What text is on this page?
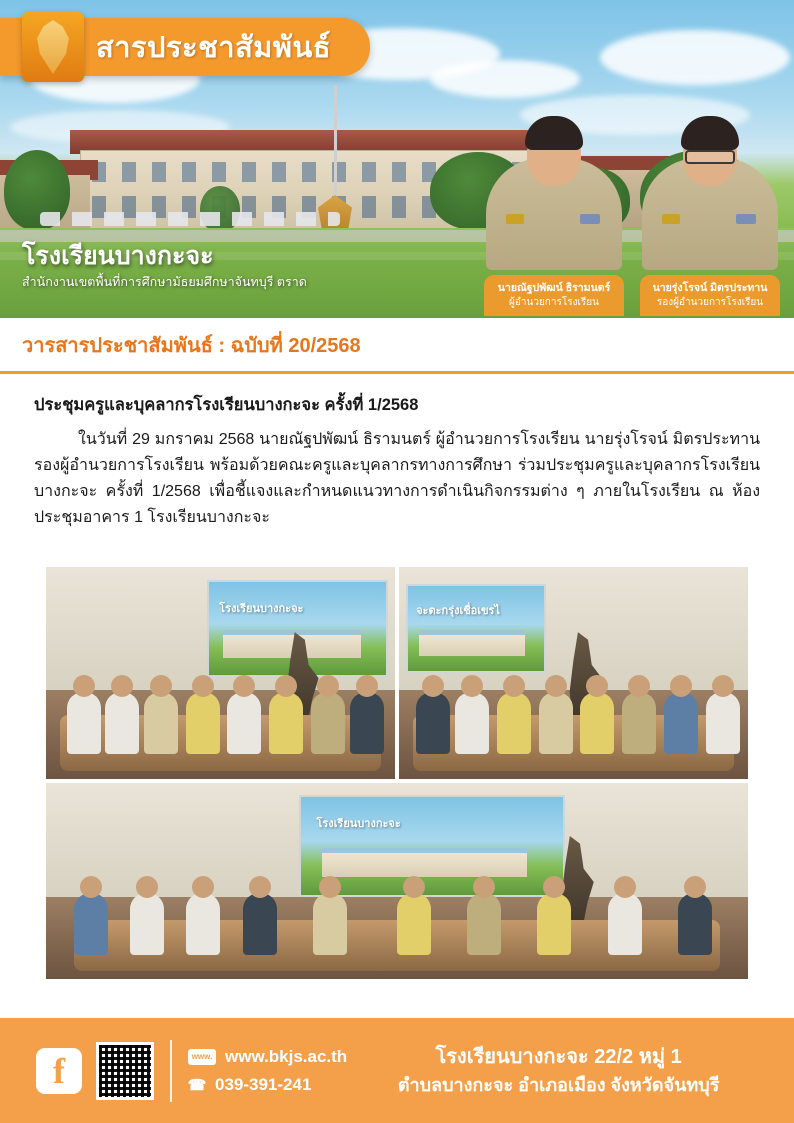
สารประชาสัมพันธ์
โรงเรียนบางกะจะ
สำนักงานเขตพื้นที่การศึกษามัธยมศึกษาจันทบุรี ตราด	นายณัฐปพัฒน์ ธิรามนตร์
ผู้อำนวยการโรงเรียน
นายรุ่งโรจน์ มิตรประทาน
รองผู้อำนวยการโรงเรียน
วารสารประชาสัมพันธ์ : ฉบับที่ 20/2568
ประชุมครูและบุคลากรโรงเรียนบางกะจะ ครั้งที่ 1/2568
ในวันที่ 29 มกราคม 2568 นายณัฐปพัฒน์ ธิรามนตร์ ผู้อำนวยการโรงเรียน นายรุ่งโรจน์ มิตรประทาน รองผู้อำนวยการโรงเรียน พร้อมด้วยคณะครูและบุคลากรทางการศึกษา ร่วมประชุมครูและบุคลากรโรงเรียนบางกะจะ ครั้งที่ 1/2568 เพื่อชี้แจงและกำหนดแนวทางการดำเนินกิจกรรมต่าง ๆ ภายในโรงเรียน ณ ห้องประชุมอาคาร 1 โรงเรียนบางกะจะ
โรงเรียนบางกะจะ	จะตะกรุ่งเชื่อเขรไ
โรงเรียนบางกะจะ
f
www. www.bkjs.ac.th
☎ 039-391-241
โรงเรียนบางกะจะ 22/2 หมู่ 1
ตำบลบางกะจะ อำเภอเมือง จังหวัดจันทบุรี
